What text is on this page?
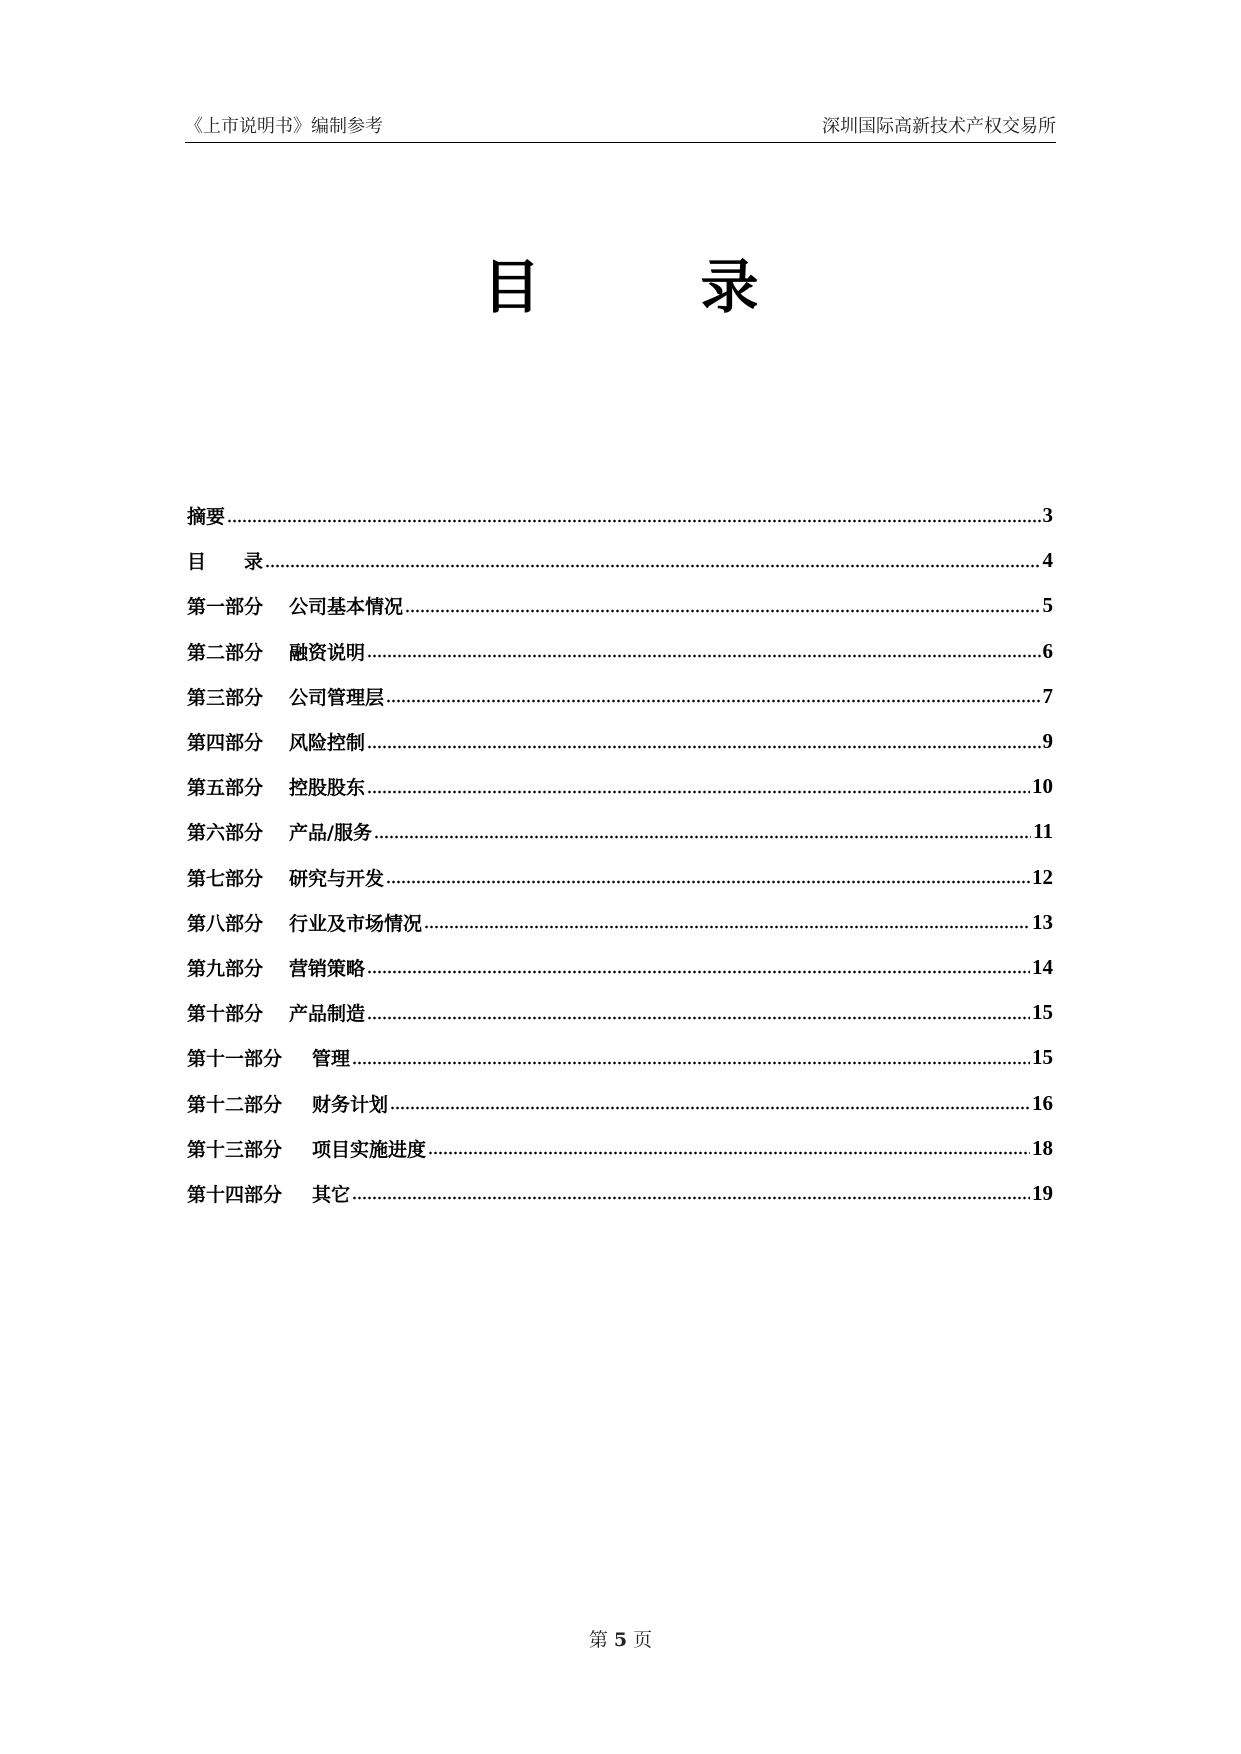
《上市说明书》编制参考	深圳国际高新技术产权交易所
目	录
摘要	3
目　　录	4
第一部分 公司基本情况	5
第二部分 融资说明	6
第三部分 公司管理层	7
第四部分 风险控制	9
第五部分 控股股东	10
第六部分 产品/服务	11
第七部分 研究与开发	12
第八部分 行业及市场情况	13
第九部分 营销策略	14
第十部分 产品制造	15
第十一部分 管理	15
第十二部分 财务计划	16
第十三部分 项目实施进度	18
第十四部分 其它	19
第 5 页
